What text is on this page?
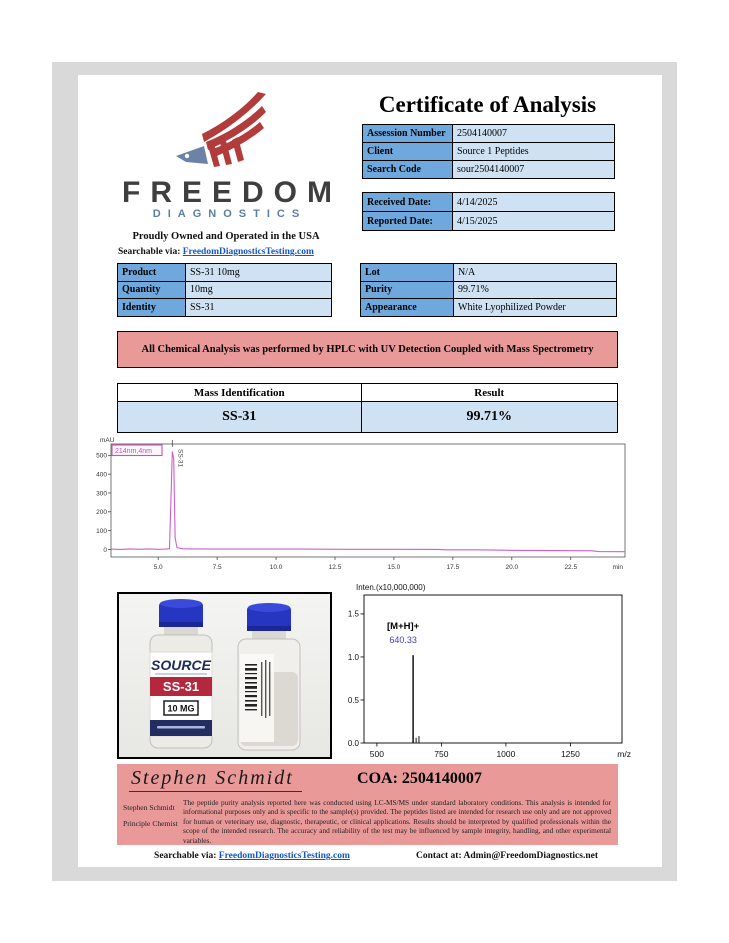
FREEDOM
DIAGNOSTICS
Proudly Owned and Operated in the USA
Searchable via: FreedomDiagnosticsTesting.com
Certificate of Analysis
Assession Number	2504140007
Client	Source 1 Peptides
Search Code	sour2504140007
Received Date:	4/14/2025
Reported Date:	4/15/2025
Product	SS-31 10mg
Quantity	10mg
Identity	SS-31
Lot	N/A
Purity	99.71%
Appearance	White Lyophilized Powder
All Chemical Analysis was performed by HPLC with UV Detection Coupled with Mass Spectrometry
Mass Identification	Result
SS-31	99.71%
mAU
0
100
200
300
400
500
5.0	7.5	10.0	12.5	15.0	17.5	20.0	22.5	min
214nm,4nm	SS-31
SOURCE
SS-31
10 MG
Inten.(x10,000,000)
0.0
0.5
1.0
1.5
500	750	1000	1250	m/z
[M+H]+
640.33
Stephen Schmidt	COA: 2504140007
Stephen Schmidt
Principle Chemist
The peptide purity analysis reported here was conducted using LC-MS/MS under standard laboratory conditions. This analysis is intended for informational purposes only and is specific to the sample(s) provided. The peptides listed are intended for research use only and are not approved for human or veterinary use, diagnostic, therapeutic, or clinical applications. Results should be interpreted by qualified professionals within the scope of the intended research. The accuracy and reliability of the test may be influenced by sample integrity, handling, and other experimental variables.
Searchable via: FreedomDiagnosticsTesting.com	Contact at: Admin@FreedomDiagnostics.net
